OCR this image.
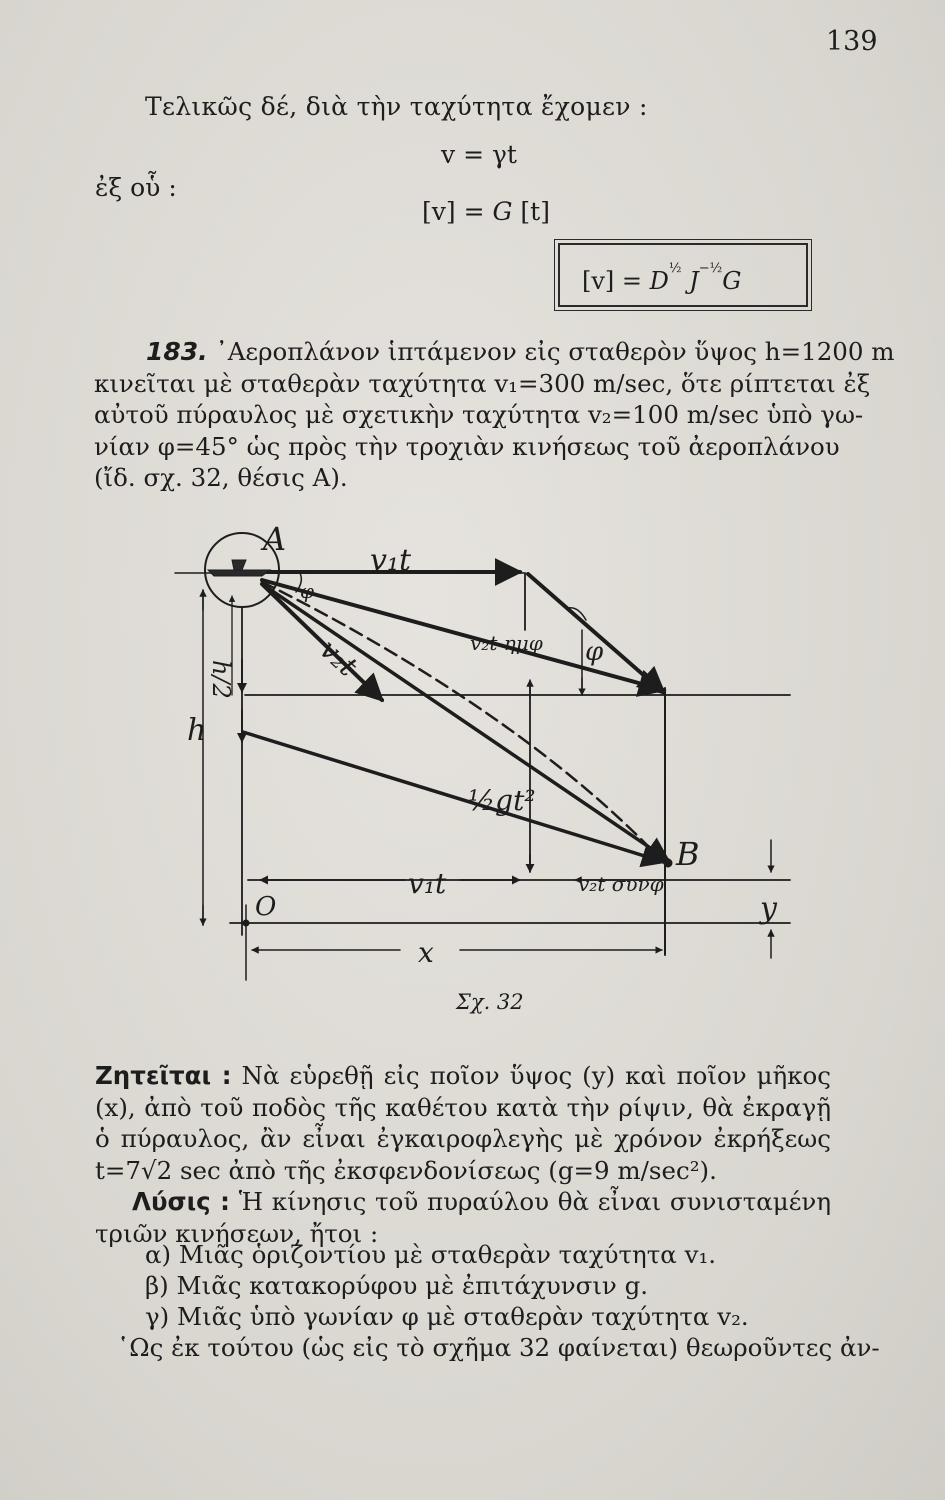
139
Τελικῶς δέ, διὰ τὴν ταχύτητα ἔχομεν :
ἐξ οὗ :
v = γt
[v] = G [t]
$[v] = D^{\frac{1}{2}}$ $J^{-\frac{1}{2}}G$
183. ᾿Αεροπλάνον ἱπτάμενον εἰς σταθερὸν ὕψος h=1200 m
κινεῖται μὲ σταθερὰν ταχύτητα v₁=300 m/sec, ὅτε ρίπτεται ἐξ
αὐτοῦ πύραυλος μὲ σχετικὴν ταχύτητα v₂=100 m/sec ὑπὸ γω-
νίαν φ=45° ὡς πρὸς τὴν τροχιὰν κινήσεως τοῦ ἀεροπλάνου
(ἴδ. σχ. 32, θέσις A).
A
v₁t
v₂t	v₂t ημφ
φ
φ
h/2
h
½gt²
v₁t	v₂t συνφ
B
O	y
x
Σχ. 32
Ζητεῖται : Νὰ εὑρεθῇ εἰς ποῖον ὕψος (y) καὶ ποῖον μῆκος
(x), ἀπὸ τοῦ ποδὸς τῆς καθέτου κατὰ τὴν ρίψιν, θὰ ἐκραγῇ
ὁ πύραυλος, ἂν εἶναι ἐγκαιροφλεγὴς μὲ χρόνον ἐκρήξεως
t=7√2 sec ἀπὸ τῆς ἐκσφενδονίσεως (g=9 m/sec²).
Λύσις : Ἡ κίνησις τοῦ πυραύλου θὰ εἶναι συνισταμένη
τριῶν κινήσεων, ἤτοι :
α) Μιᾶς ὁριζοντίου μὲ σταθερὰν ταχύτητα v₁.
β) Μιᾶς κατακορύφου μὲ ἐπιτάχυνσιν g.
γ) Μιᾶς ὑπὸ γωνίαν φ μὲ σταθερὰν ταχύτητα v₂.
῾Ως ἐκ τούτου (ὡς εἰς τὸ σχῆμα 32 φαίνεται) θεωροῦντες ἀν-
